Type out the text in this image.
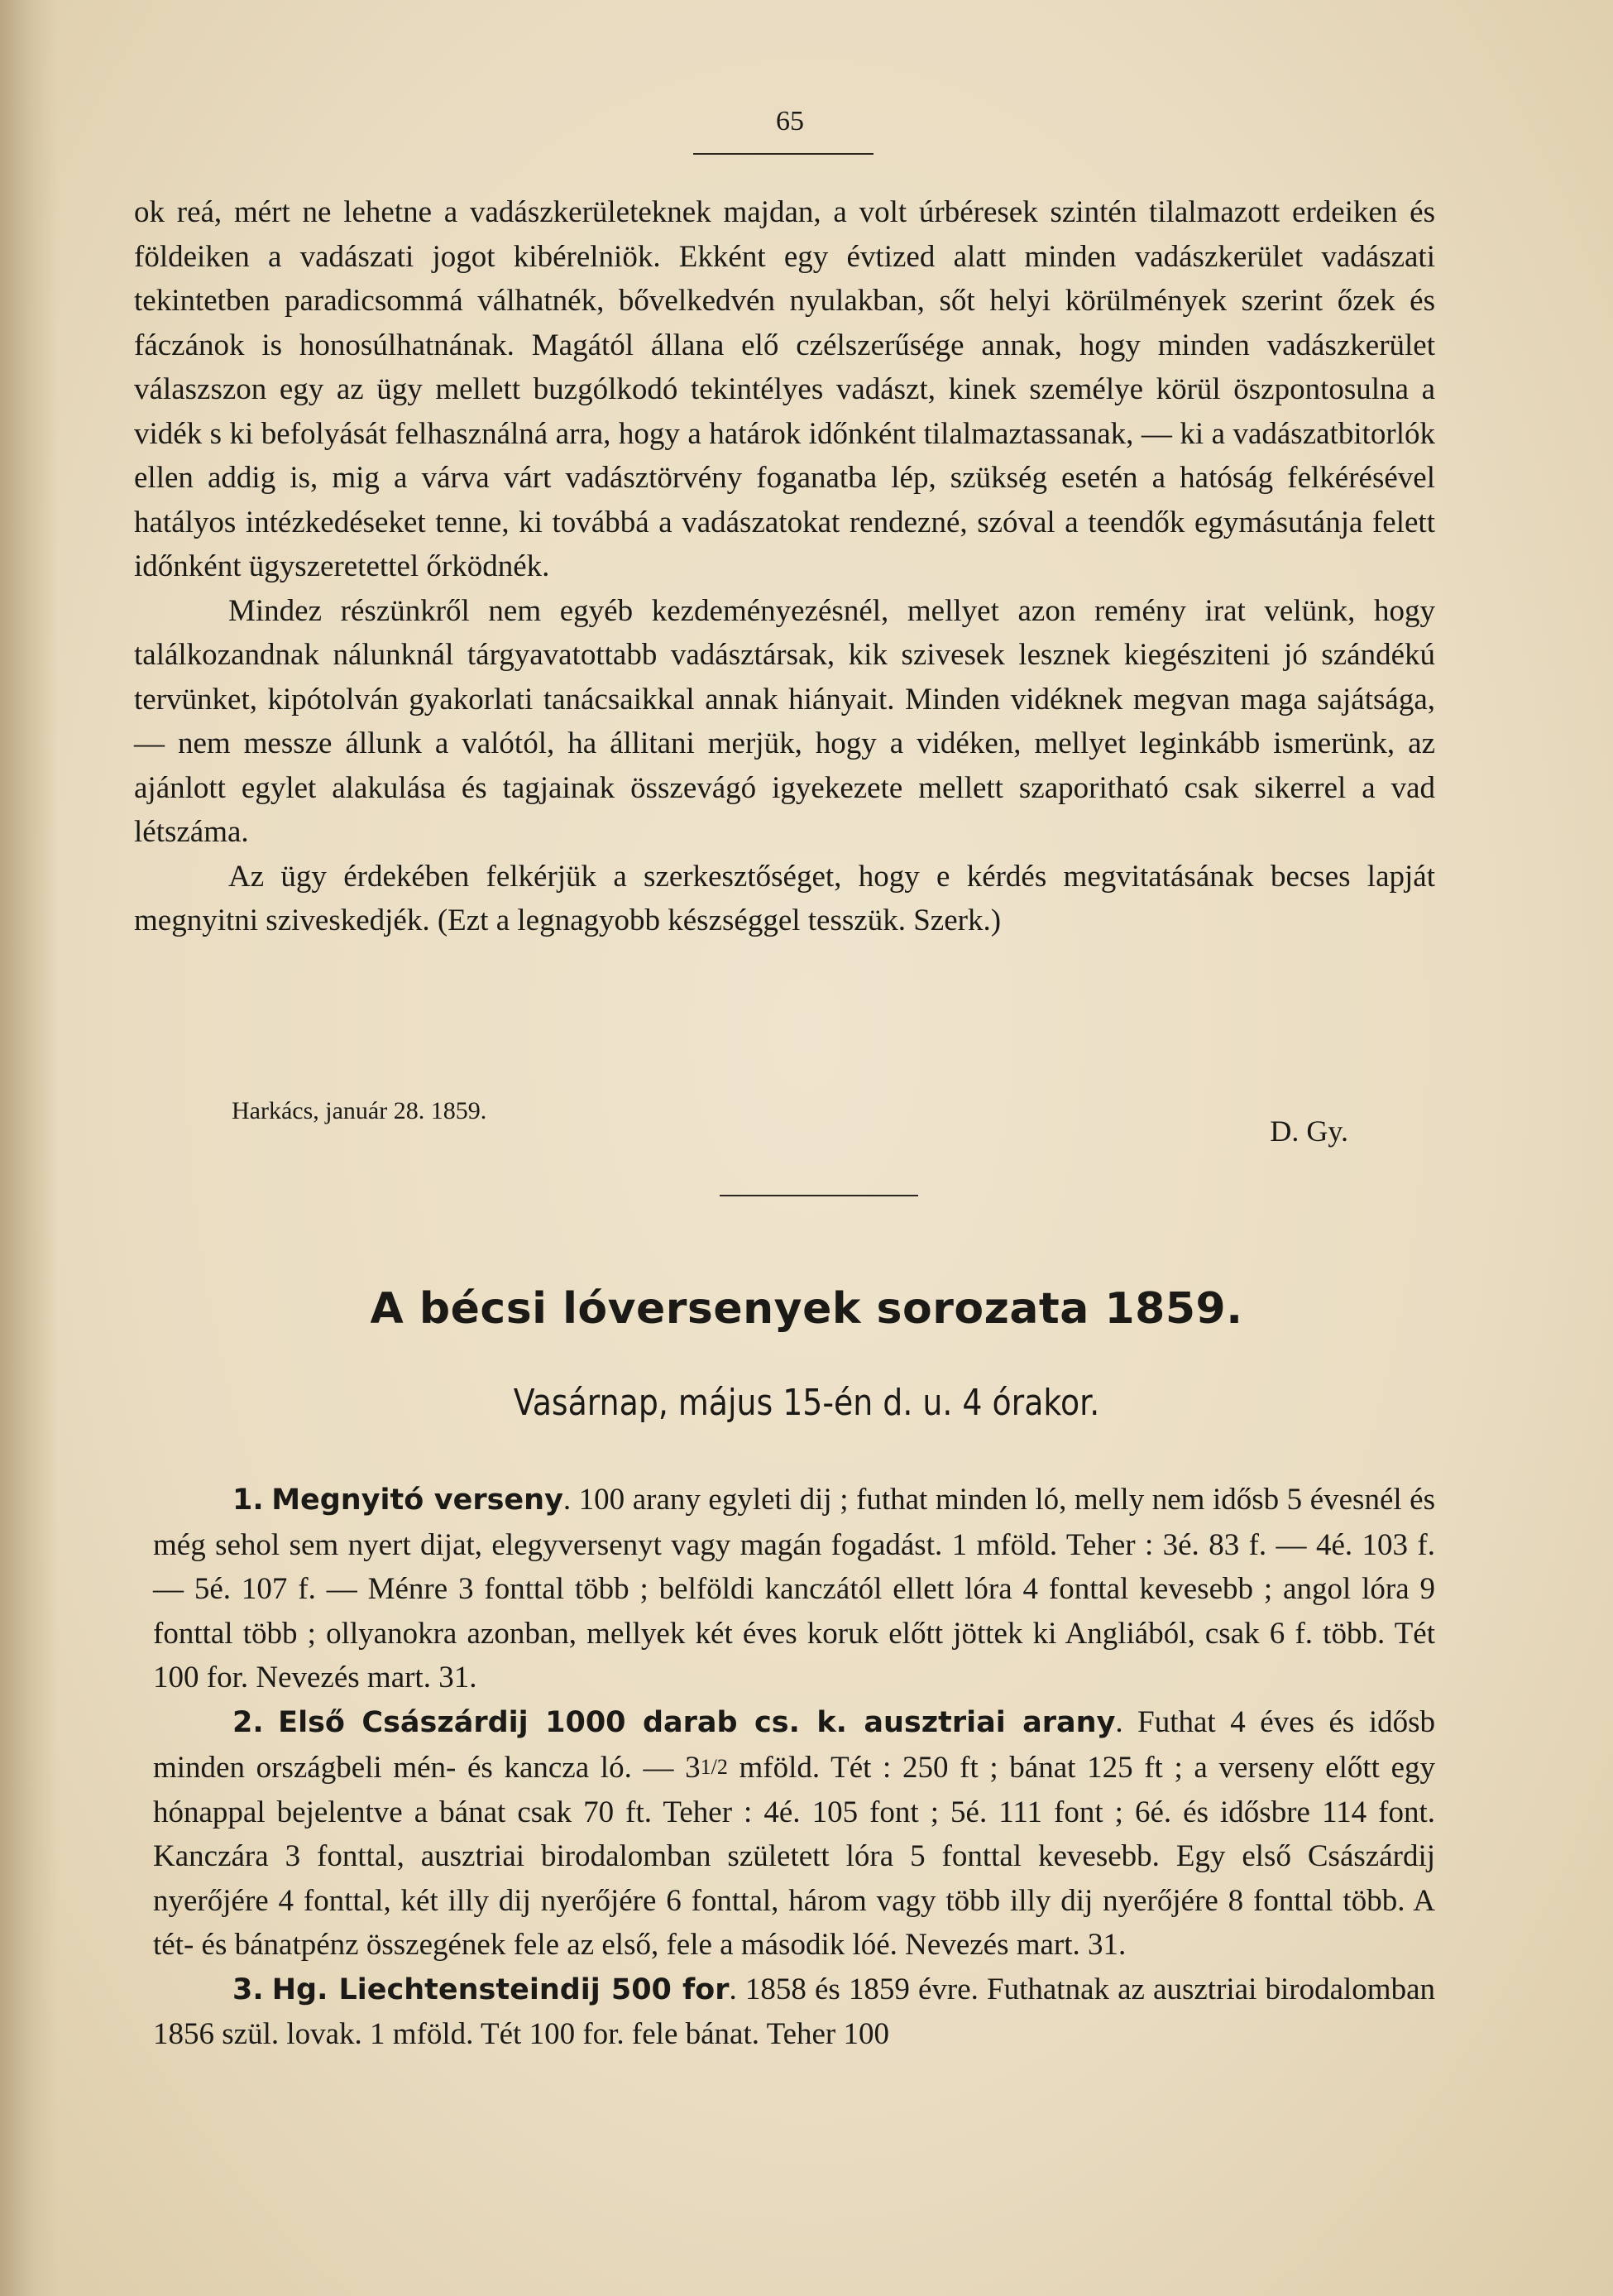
65

ok reá, mért ne lehetne a vadászkerületeknek majdan, a volt úrbéresek szintén tilalmazott erdeiken és földeiken a vadászati jogot kibérelniök. Ekként egy évtized alatt minden vadászkerület vadászati tekintetben paradicsommá válhatnék, bővelkedvén nyulakban, sőt helyi körülmények szerint őzek és fáczánok is honosúlhatnának. Magától állana elő czélszerűsége annak, hogy minden vadászkerület válaszszon egy az ügy mellett buzgólkodó tekintélyes vadászt, kinek személye körül öszpontosulna a vidék s ki befolyását felhasználná arra, hogy a határok időnként tilalmaztassanak, — ki a vadászatbitorlók ellen addig is, mig a várva várt vadásztörvény foganatba lép, szükség esetén a hatóság felkérésével hatályos intézkedéseket tenne, ki továbbá a vadászatokat rendezné, szóval a teendők egymásutánja felett időnként ügyszeretettel őrködnék.

Mindez részünkről nem egyéb kezdeményezésnél, mellyet azon remény irat velünk, hogy találkozandnak nálunknál tárgyavatottabb vadásztársak, kik szivesek lesznek kiegésziteni jó szándékú tervünket, kipótolván gyakorlati tanácsaikkal annak hiányait. Minden vidéknek megvan maga sajátsága, — nem messze állunk a valótól, ha állitani merjük, hogy a vidéken, mellyet leginkább ismerünk, az ajánlott egylet alakulása és tagjainak összevágó igyekezete mellett szaporitható csak sikerrel a vad létszáma.

Az ügy érdekében felkérjük a szerkesztőséget, hogy e kérdés megvitatásának becses lapját megnyitni sziveskedjék. (Ezt a legnagyobb készséggel tesszük. Szerk.)

Harkács, január 28. 1859.
D. Gy.
A bécsi lóversenyek sorozata 1859.
Vasárnap, május 15-én d. u. 4 órakor.

1. Megnyitó verseny. 100 arany egyleti dij ; futhat minden ló, melly nem idősb 5 évesnél és még sehol sem nyert dijat, elegyversenyt vagy magán fogadást. 1 mföld. Teher : 3é. 83 f. — 4é. 103 f. — 5é. 107 f. — Ménre 3 fonttal több ; belföldi kanczától ellett lóra 4 fonttal kevesebb ; angol lóra 9 fonttal több ; ollyanokra azonban, mellyek két éves koruk előtt jöttek ki Angliából, csak 6 f. több. Tét 100 for. Nevezés mart. 31.

2. Első Császárdij 1000 darab cs. k. ausztriai arany. Futhat 4 éves és idősb minden országbeli mén- és kancza ló. — 31/2 mföld. Tét : 250 ft ; bánat 125 ft ; a verseny előtt egy hónappal bejelentve a bánat csak 70 ft. Teher : 4é. 105 font ; 5é. 111 font ; 6é. és idősbre 114 font. Kanczára 3 fonttal, ausztriai birodalomban született lóra 5 fonttal kevesebb. Egy első Császárdij nyerőjére 4 fonttal, két illy dij nyerőjére 6 fonttal, három vagy több illy dij nyerőjére 8 fonttal több. A tét- és bánatpénz összegének fele az első, fele a második lóé. Nevezés mart. 31.

3. Hg. Liechtensteindij 500 for. 1858 és 1859 évre. Futhatnak az ausztriai birodalomban 1856 szül. lovak. 1 mföld. Tét 100 for. fele bánat. Teher 100
